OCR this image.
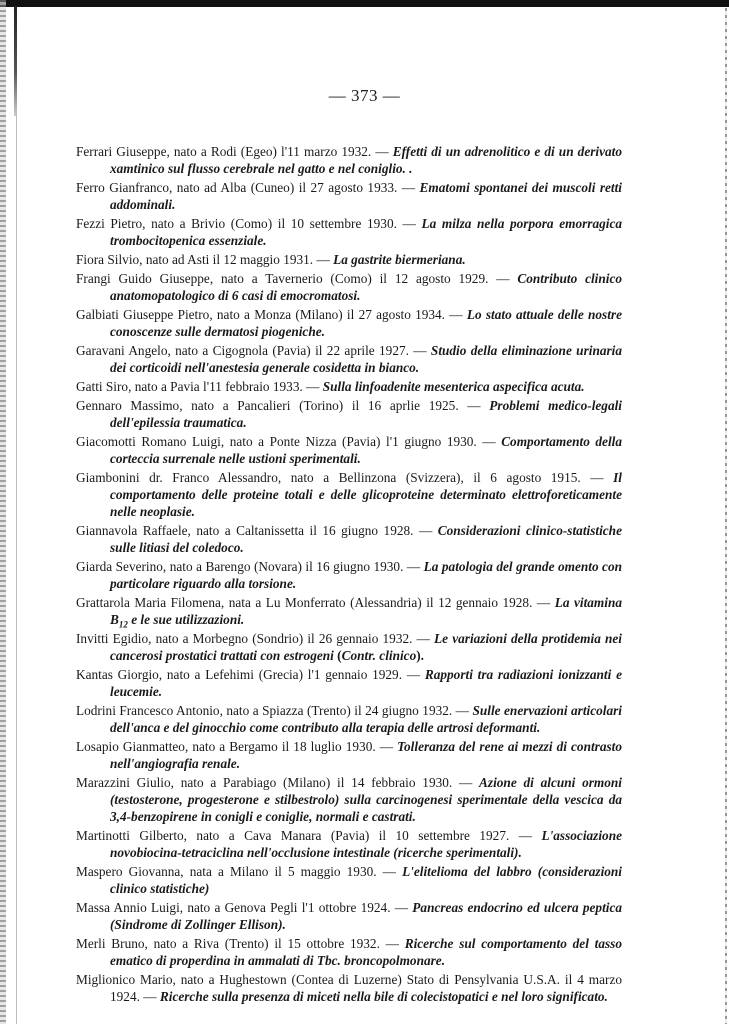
— 373 —

Ferrari Giuseppe, nato a Rodi (Egeo) l'11 marzo 1932. — Effetti di un adrenolitico e di un derivato xamtinico sul flusso cerebrale nel gatto e nel coniglio. .

Ferro Gianfranco, nato ad Alba (Cuneo) il 27 agosto 1933. — Ematomi spontanei dei muscoli retti addominali.

Fezzi Pietro, nato a Brivio (Como) il 10 settembre 1930. — La milza nella porpora emorragica trombocitopenica essenziale.

Fiora Silvio, nato ad Asti il 12 maggio 1931. — La gastrite biermeriana.

Frangi Guido Giuseppe, nato a Tavernerio (Como) il 12 agosto 1929. — Contributo clinico anatomopatologico di 6 casi di emocromatosi.

Galbiati Giuseppe Pietro, nato a Monza (Milano) il 27 agosto 1934. — Lo stato attuale delle nostre conoscenze sulle dermatosi piogeniche.

Garavani Angelo, nato a Cigognola (Pavia) il 22 aprile 1927. — Studio della eliminazione urinaria dei corticoidi nell'anestesia generale cosidetta in bianco.

Gatti Siro, nato a Pavia l'11 febbraio 1933. — Sulla linfoadenite mesenterica aspecifica acuta.

Gennaro Massimo, nato a Pancalieri (Torino) il 16 aprlie 1925. — Problemi medico-legali dell'epilessia traumatica.

Giacomotti Romano Luigi, nato a Ponte Nizza (Pavia) l'1 giugno 1930. — Comportamento della corteccia surrenale nelle ustioni sperimentali.

Giambonini dr. Franco Alessandro, nato a Bellinzona (Svizzera), il 6 agosto 1915. — Il comportamento delle proteine totali e delle glicoproteine determinato elettroforeticamente nelle neoplasie.

Giannavola Raffaele, nato a Caltanissetta il 16 giugno 1928. — Considerazioni clinico-statistiche sulle litiasi del coledoco.

Giarda Severino, nato a Barengo (Novara) il 16 giugno 1930. — La patologia del grande omento con particolare riguardo alla torsione.

Grattarola Maria Filomena, nata a Lu Monferrato (Alessandria) il 12 gennaio 1928. — La vitamina $B_{12}$ e le sue utilizzazioni.

Invitti Egidio, nato a Morbegno (Sondrio) il 26 gennaio 1932. — Le variazioni della protidemia nei cancerosi prostatici trattati con estrogeni (Contr. clinico).

Kantas Giorgio, nato a Lefehimi (Grecia) l'1 gennaio 1929. — Rapporti tra radiazioni ionizzanti e leucemie.

Lodrini Francesco Antonio, nato a Spiazza (Trento) il 24 giugno 1932. — Sulle enervazioni articolari dell'anca e del ginocchio come contributo alla terapia delle artrosi deformanti.

Losapio Gianmatteo, nato a Bergamo il 18 luglio 1930. — Tolleranza del rene ai mezzi di contrasto nell'angiografia renale.

Marazzini Giulio, nato a Parabiago (Milano) il 14 febbraio 1930. — Azione di alcuni ormoni (testosterone, progesterone e stilbestrolo) sulla carcinogenesi sperimentale della vescica da 3,4-benzopirene in conigli e coniglie, normali e castrati.

Martinotti Gilberto, nato a Cava Manara (Pavia) il 10 settembre 1927. — L'associazione novobiocina-tetraciclina nell'occlusione intestinale (ricerche sperimentali).

Maspero Giovanna, nata a Milano il 5 maggio 1930. — L'elitelioma del labbro (considerazioni clinico statistiche)

Massa Annio Luigi, nato a Genova Pegli l'1 ottobre 1924. — Pancreas endocrino ed ulcera peptica (Sindrome di Zollinger Ellison).

Merli Bruno, nato a Riva (Trento) il 15 ottobre 1932. — Ricerche sul comportamento del tasso ematico di properdina in ammalati di Tbc. broncopolmonare.

Miglionico Mario, nato a Hughestown (Contea di Luzerne) Stato di Pensylvania U.S.A. il 4 marzo 1924. — Ricerche sulla presenza di miceti nella bile di colecistopatici e nel loro significato.
